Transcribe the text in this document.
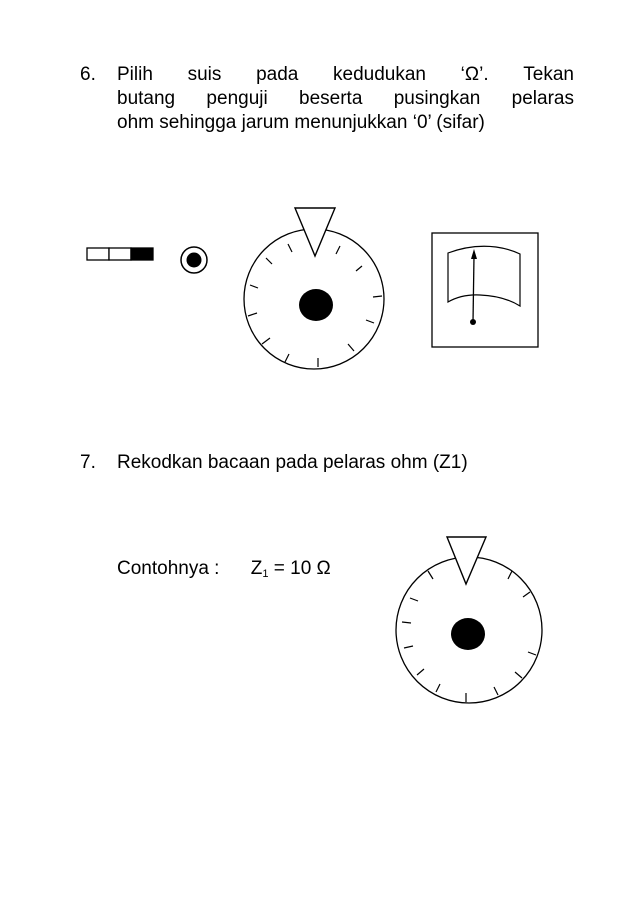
6. Pilih suis pada kedudukan ‘Ω’. Tekan
butang penguji beserta pusingkan pelaras
ohm sehingga jarum menunjukkan ‘0’ (sifar)
7. Rekodkan bacaan pada pelaras ohm (Z1)
Contohnya : $Z_1 = 10$ Ω
